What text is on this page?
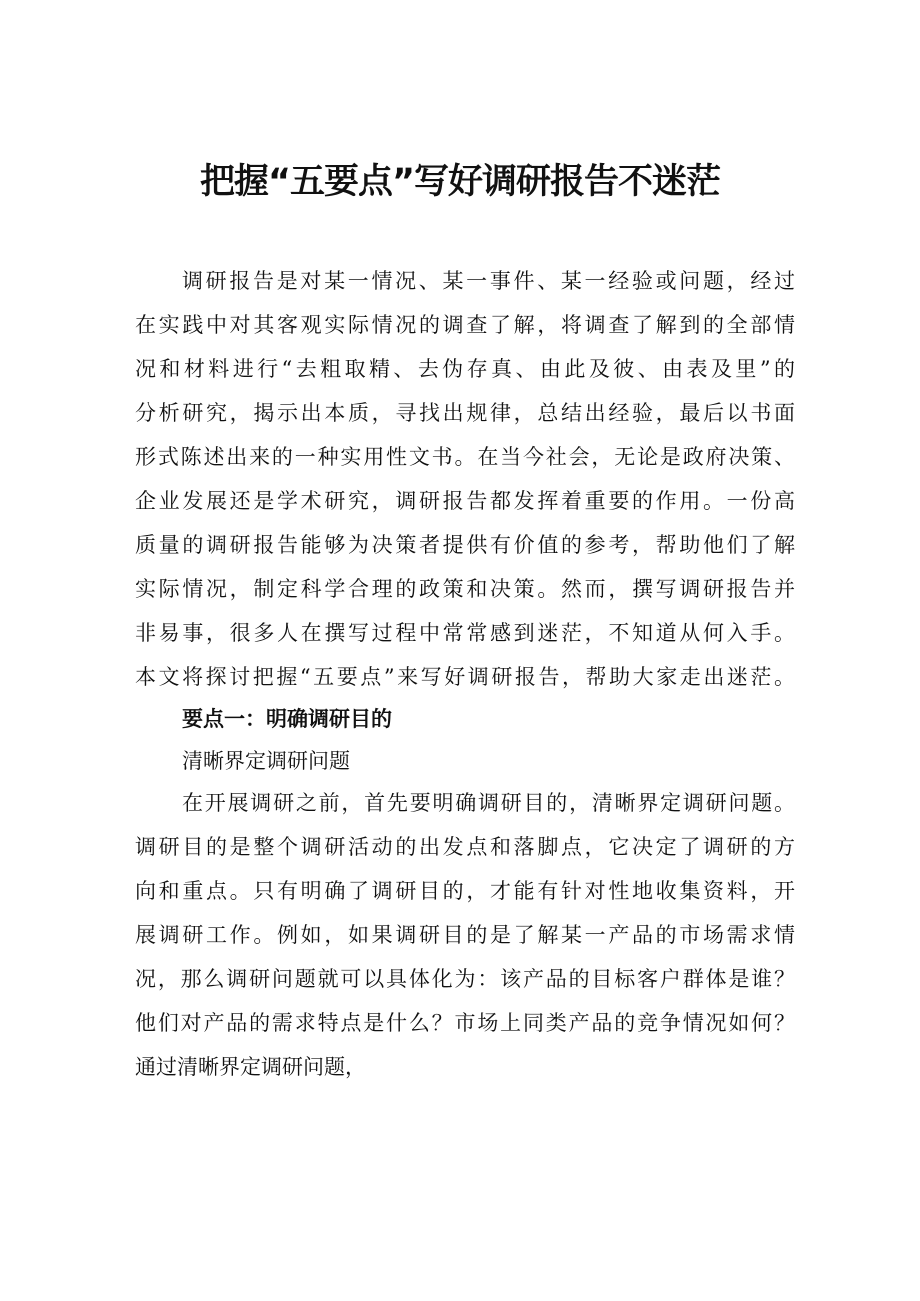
把握“五要点”写好调研报告不迷茫
调研报告是对某一情况、某一事件、某一经验或问题，经过
在实践中对其客观实际情况的调查了解，将调查了解到的全部情
况和材料进行“去粗取精、去伪存真、由此及彼、由表及里”的
分析研究，揭示出本质，寻找出规律，总结出经验，最后以书面
形式陈述出来的一种实用性文书。在当今社会，无论是政府决策、
企业发展还是学术研究，调研报告都发挥着重要的作用。一份高
质量的调研报告能够为决策者提供有价值的参考，帮助他们了解
实际情况，制定科学合理的政策和决策。然而，撰写调研报告并
非易事，很多人在撰写过程中常常感到迷茫，不知道从何入手。
本文将探讨把握“五要点”来写好调研报告，帮助大家走出迷茫。
要点一：明确调研目的
清晰界定调研问题
在开展调研之前，首先要明确调研目的，清晰界定调研问题。
调研目的是整个调研活动的出发点和落脚点，它决定了调研的方
向和重点。只有明确了调研目的，才能有针对性地收集资料，开
展调研工作。例如，如果调研目的是了解某一产品的市场需求情
况，那么调研问题就可以具体化为：该产品的目标客户群体是谁？
他们对产品的需求特点是什么？市场上同类产品的竞争情况如何？
通过清晰界定调研问题，
